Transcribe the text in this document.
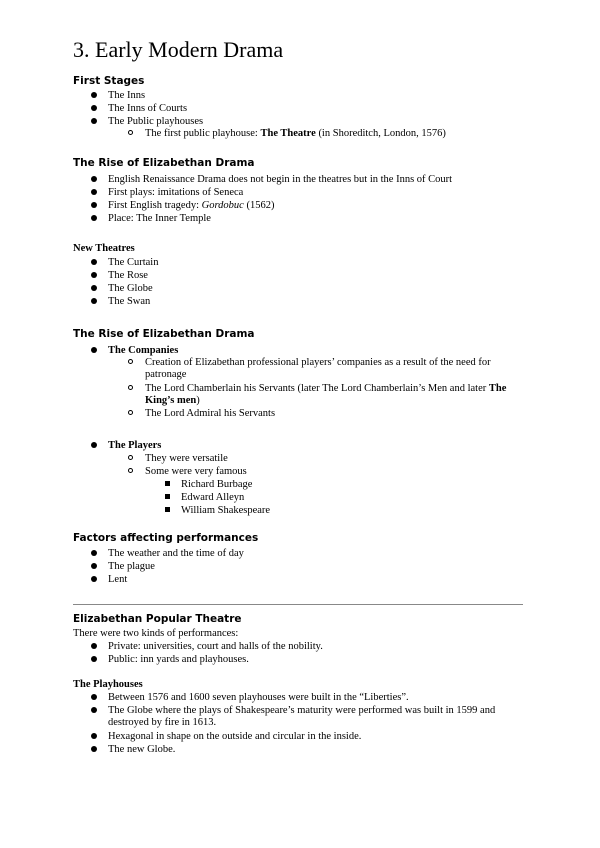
3. Early Modern Drama
First Stages
The Inns
The Inns of Courts
The Public playhouses
The first public playhouse: The Theatre (in Shoreditch, London, 1576)
The Rise of Elizabethan Drama
English Renaissance Drama does not begin in the theatres but in the Inns of Court
First plays: imitations of Seneca
First English tragedy: Gordobuc (1562)
Place: The Inner Temple
New Theatres
The Curtain
The Rose
The Globe
The Swan
The Rise of Elizabethan Drama
The Companies
Creation of Elizabethan professional players’ companies as a result of the need for
patronage
The Lord Chamberlain his Servants (later The Lord Chamberlain’s Men and later The
King’s men)
The Lord Admiral his Servants
The Players
They were versatile
Some were very famous
Richard Burbage
Edward Alleyn
William Shakespeare
Factors affecting performances
The weather and the time of day
The plague
Lent
Elizabethan Popular Theatre
There were two kinds of performances:
Private: universities, court and halls of the nobility.
Public: inn yards and playhouses.
The Playhouses
Between 1576 and 1600 seven playhouses were built in the “Liberties”.
The Globe where the plays of Shakespeare’s maturity were performed was built in 1599 and
destroyed by fire in 1613.
Hexagonal in shape on the outside and circular in the inside.
The new Globe.
